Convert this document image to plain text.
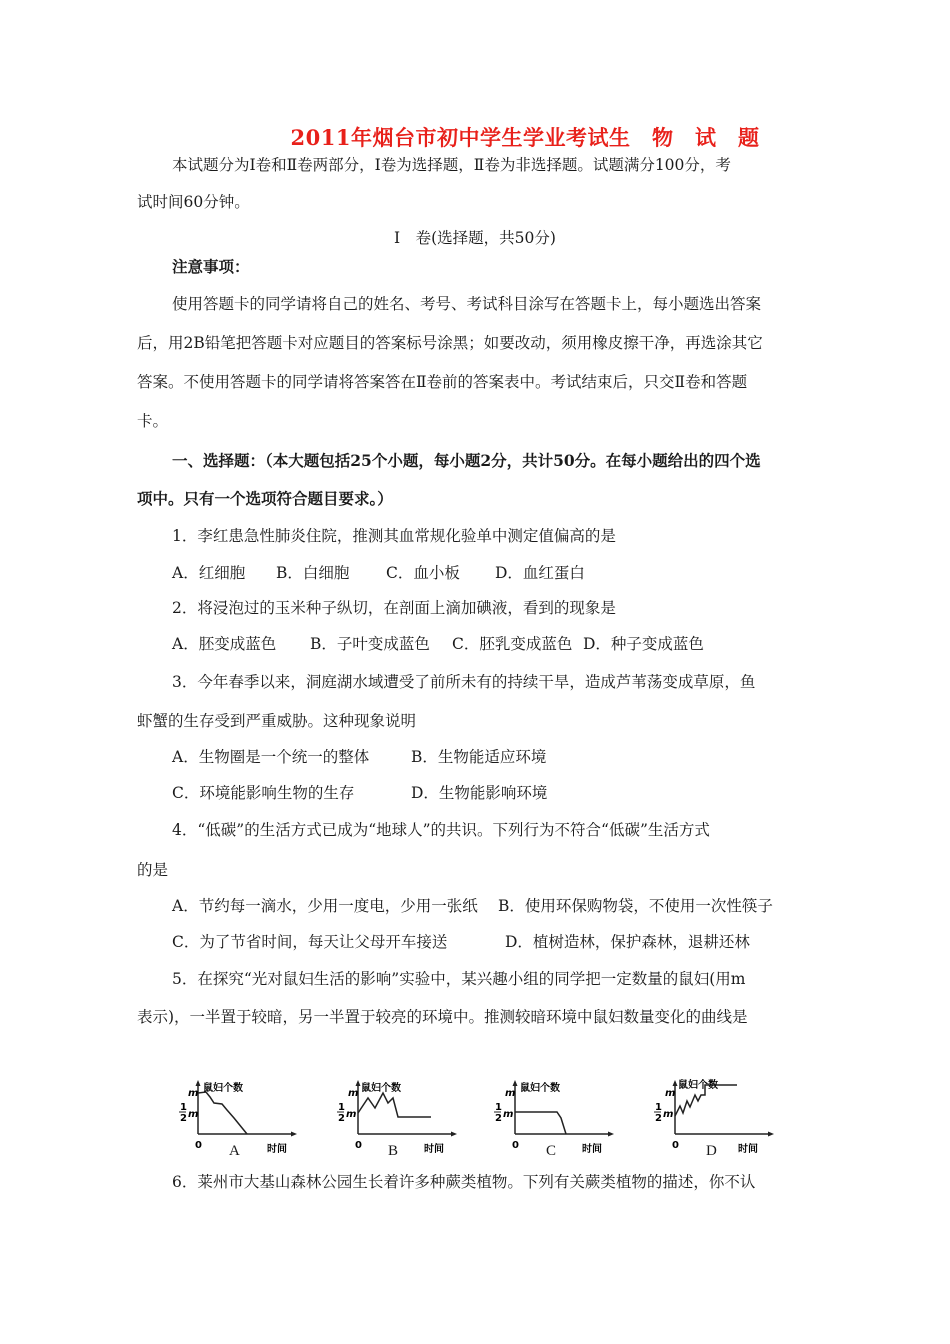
2011年烟台市初中学生学业考试生　物　试　题
本试题分为Ⅰ卷和Ⅱ卷两部分，Ⅰ卷为选择题，Ⅱ卷为非选择题。试题满分100分，考
试时间60分钟。
Ⅰ　卷(选择题，共50分)
注意事项：
使用答题卡的同学请将自己的姓名、考号、考试科目涂写在答题卡上，每小题选出答案
后，用2B铅笔把答题卡对应题目的答案标号涂黑；如要改动，须用橡皮擦干净，再选涂其它
答案。不使用答题卡的同学请将答案答在Ⅱ卷前的答案表中。考试结束后，只交Ⅱ卷和答题
卡。
一、选择题：（本大题包括25个小题，每小题2分，共计50分。在每小题给出的四个选
项中。只有一个选项符合题目要求。）
1．李红患急性肺炎住院，推测其血常规化验单中测定值偏高的是
A．红细胞 B．白细胞 C．血小板 D．血红蛋白
2．将浸泡过的玉米种子纵切，在剖面上滴加碘液，看到的现象是
A．胚变成蓝色 B．子叶变成蓝色 C．胚乳变成蓝色 D．种子变成蓝色
3．今年春季以来，洞庭湖水域遭受了前所未有的持续干旱，造成芦苇荡变成草原，鱼
虾蟹的生存受到严重威胁。这种现象说明
A．生物圈是一个统一的整体	B．生物能适应环境
C．环境能影响生物的生存	D．生物能影响环境
4．“低碳”的生活方式已成为“地球人”的共识。下列行为不符合“低碳”生活方式
的是
A．节约每一滴水，少用一度电，少用一张纸 B．使用环保购物袋，不使用一次性筷子
C．为了节省时间，每天让父母开车接送	D．植树造林，保护森林，退耕还林
5．在探究“光对鼠妇生活的影响”实验中，某兴趣小组的同学把一定数量的鼠妇(用m
表示)，一半置于较暗，另一半置于较亮的环境中。推测较暗环境中鼠妇数量变化的曲线是
鼠妇个数
m
1
2 m
0	时间
A
鼠妇个数
m
1
2 m
0	时间
B
鼠妇个数
m
1
2 m
0	时间
C
鼠妇个数
m
1
2 m
0	时间
D
6．莱州市大基山森林公园生长着许多种蕨类植物。下列有关蕨类植物的描述，你不认
